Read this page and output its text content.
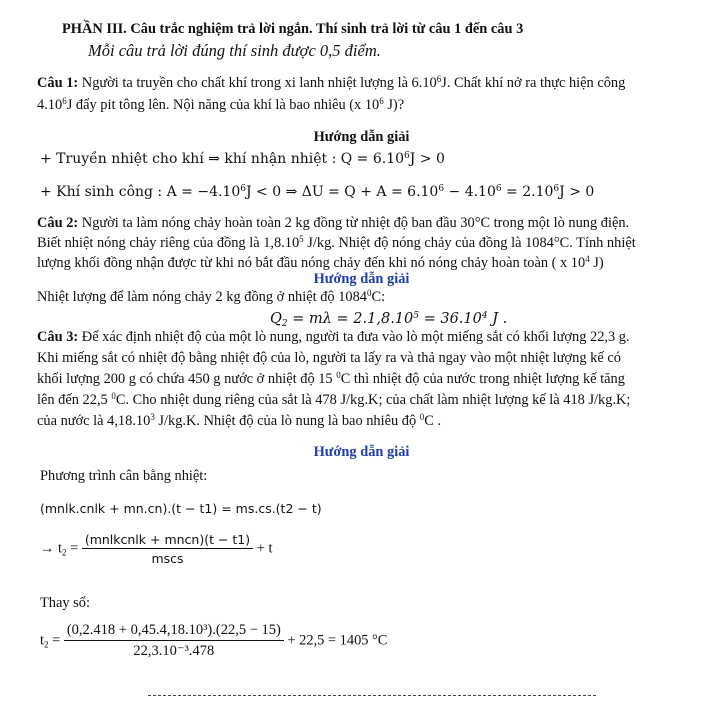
PHẦN III. Câu trắc nghiệm trả lời ngắn. Thí sinh trả lời từ câu 1 đến câu 3
Mỗi câu trả lời đúng thí sinh được 0,5 điểm.
Câu 1: Người ta truyền cho chất khí trong xi lanh nhiệt lượng là 6.10$^6$J. Chất khí nở ra thực hiện công
4.10$^6$J đẩy pit tông lên. Nội năng của khí là bao nhiêu (x $10^6$ J)?
Hướng dẫn giải
+ Truyền nhiệt cho khí ⇒ khí nhận nhiệt : $Q = 6.10^6J > 0$
+ Khí sinh công : $A = -4.10^6J < 0$ ⇒ $\Delta U = Q + A = 6.10^6 - 4.10^6 = 2.10^6J > 0$
Câu 2: Người ta làm nóng chảy hoàn toàn 2 kg đồng từ nhiệt độ ban đầu 30°C trong một lò nung điện.
Biết nhiệt nóng chảy riêng của đồng là 1,8.10$^5$ J/kg. Nhiệt độ nóng chảy của đồng là 1084°C. Tính nhiệt
lượng khối đồng nhận được từ khi nó bắt đầu nóng chảy đến khi nó nóng chảy hoàn toàn ( x $10^4$ J)
Hướng dẫn giải
Nhiệt lượng để làm nóng chảy 2 kg đồng ở nhiệt độ 1084$^0$C:
$Q_2 = m\lambda = 2.1,8.10^5 = 36.10^4$ J .
Câu 3: Để xác định nhiệt độ của một lò nung, người ta đưa vào lò một miếng sắt có khối lượng 22,3 g.
Khi miếng sắt có nhiệt độ bằng nhiệt độ của lò, người ta lấy ra và thả ngay vào một nhiệt lượng kế có
khối lượng 200 g có chứa 450 g nước ở nhiệt độ 15 $^0$C thì nhiệt độ của nước trong nhiệt lượng kế tăng
lên đến 22,5 $^0$C. Cho nhiệt dung riêng của sắt là 478 J/kg.K; của chất làm nhiệt lượng kế là 418 J/kg.K;
của nước là 4,18.10$^3$ J/kg.K. Nhiệt độ của lò nung là bao nhiêu độ $^0$C .
Hướng dẫn giải
Phương trình cân bằng nhiệt:
(mnlk.cnlk + mn.cn).(t − t1) = ms.cs.(t2 − t)
→ $t_2 = \frac{\text{(mnlkcnlk + mncn)(t − t1)}}{\text{mscs}} + t$
Thay số:
$t_2 = \frac{\text{(0,2.418 + 0,45.4,18.10³).(22,5 − 15)}}{\text{22,3.10⁻³.478}} + 22,5 = 1405$ °C
